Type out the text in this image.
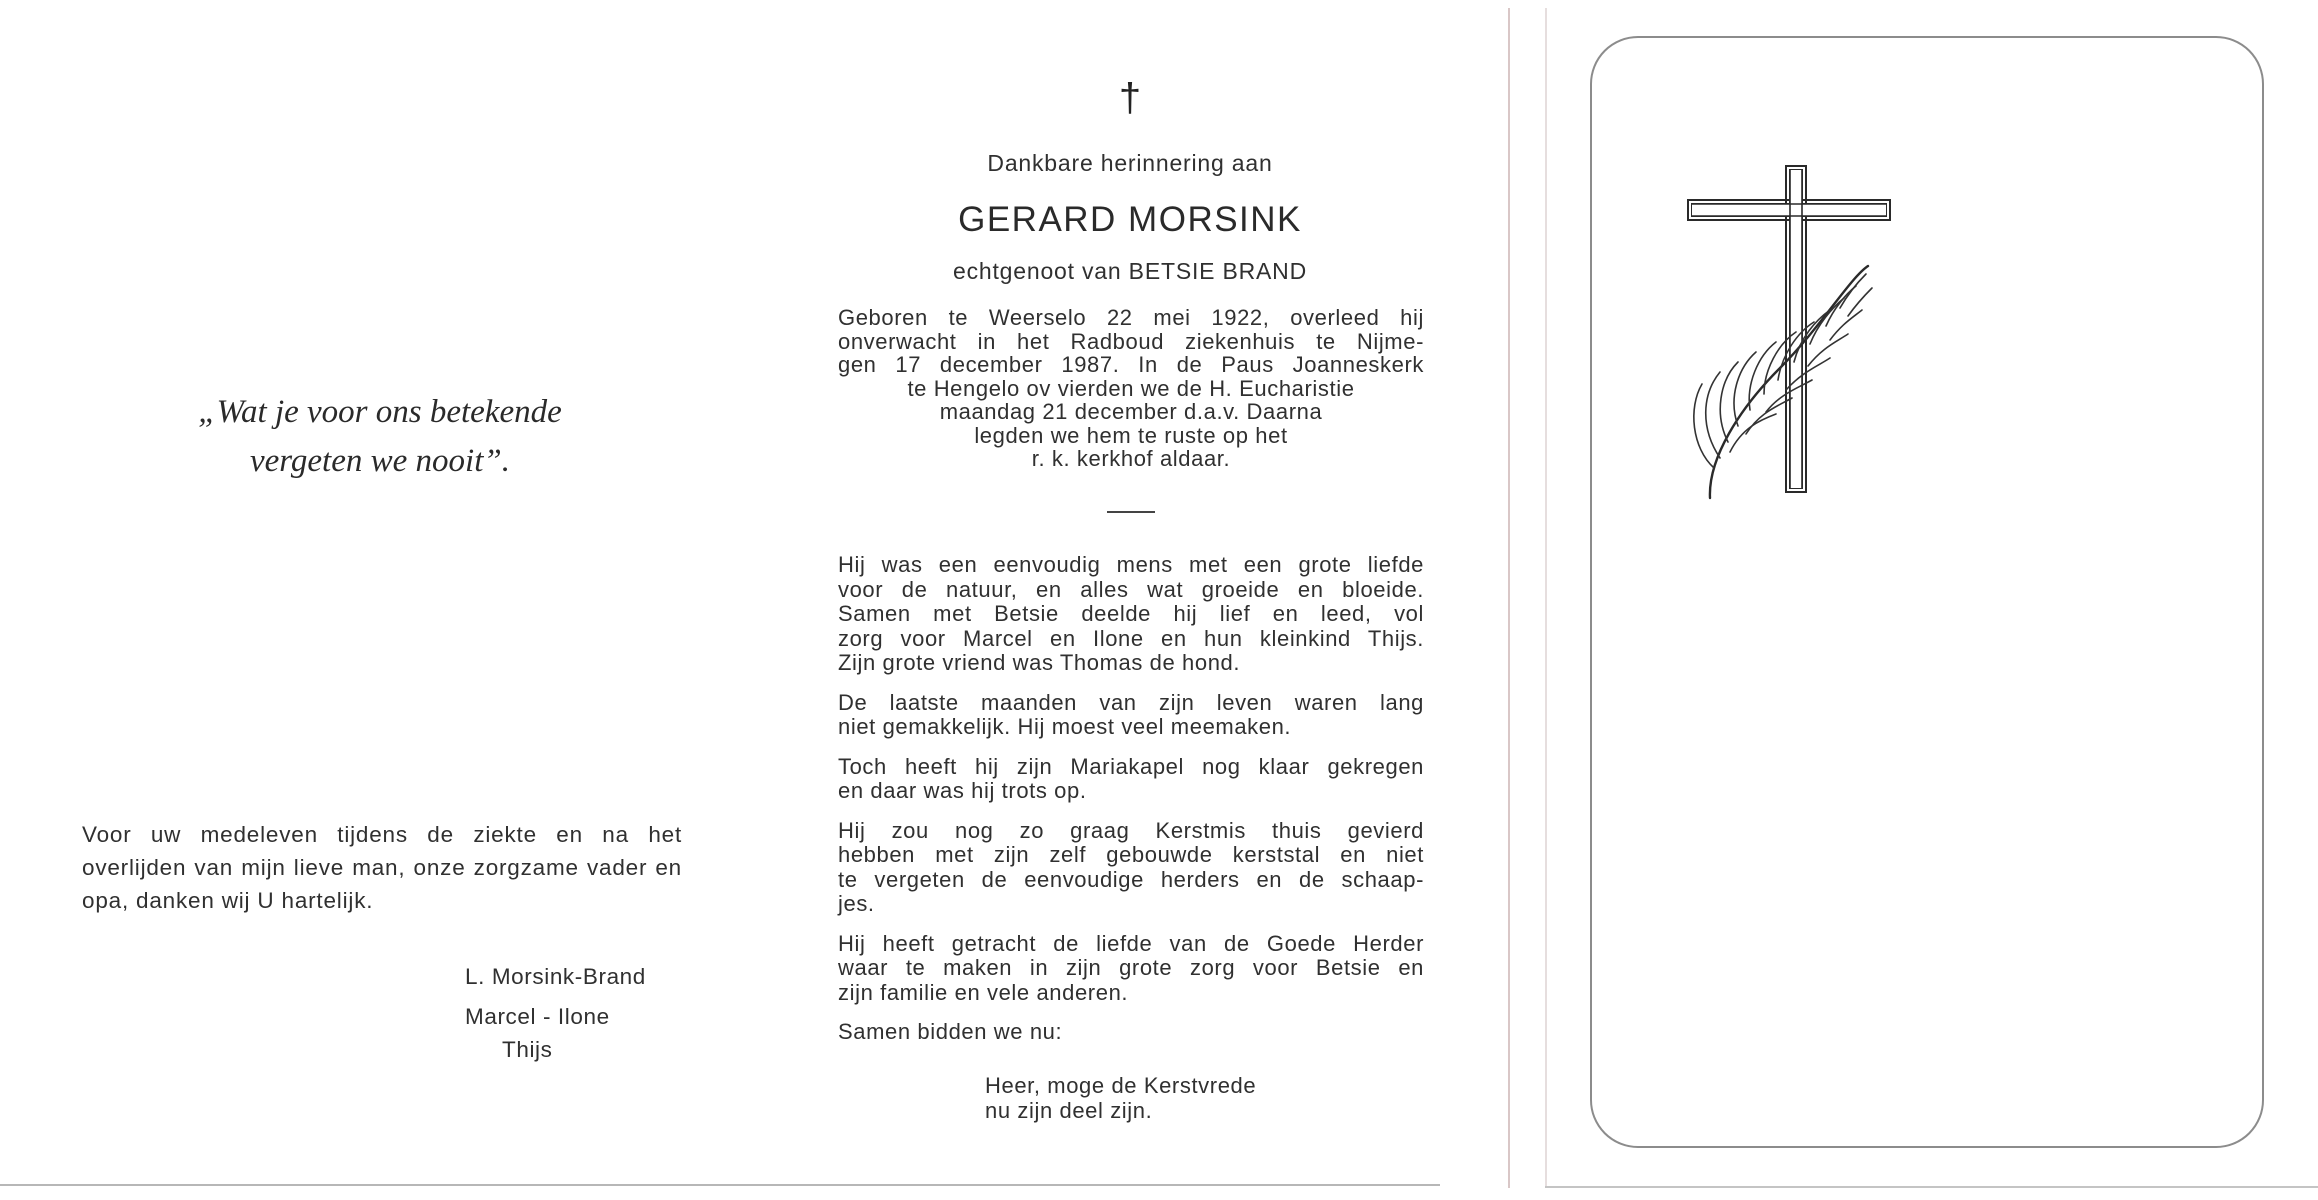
„Wat je voor ons betekende
vergeten we nooit”.
Voor uw medeleven tijdens de ziekte en na het overlijden van mijn lieve man, onze zorgzame vader en opa, danken wij U hartelijk.
L. Morsink-Brand
Marcel - Ilone
Thijs
†
Dankbare herinnering aan
GERARD MORSINK
echtgenoot van BETSIE BRAND
Geboren te Weerselo 22 mei 1922, overleed hij
onverwacht in het Radboud ziekenhuis te Nijme-
gen 17 december 1987. In de Paus Joanneskerk
te Hengelo ov vierden we de H. Eucharistie
maandag 21 december d.a.v. Daarna
legden we hem te ruste op het
r. k. kerkhof aldaar.
Hij was een eenvoudig mens met een grote liefde
voor de natuur, en alles wat groeide en bloeide.
Samen met Betsie deelde hij lief en leed, vol
zorg voor Marcel en Ilone en hun kleinkind Thijs.
Zijn grote vriend was Thomas de hond.
De laatste maanden van zijn leven waren lang
niet gemakkelijk. Hij moest veel meemaken.
Toch heeft hij zijn Mariakapel nog klaar gekregen
en daar was hij trots op.
Hij zou nog zo graag Kerstmis thuis gevierd
hebben met zijn zelf gebouwde kerststal en niet
te vergeten de eenvoudige herders en de schaap-
jes.
Hij heeft getracht de liefde van de Goede Herder
waar te maken in zijn grote zorg voor Betsie en
zijn familie en vele anderen.
Samen bidden we nu:
Heer, moge de Kerstvrede
nu zijn deel zijn.
